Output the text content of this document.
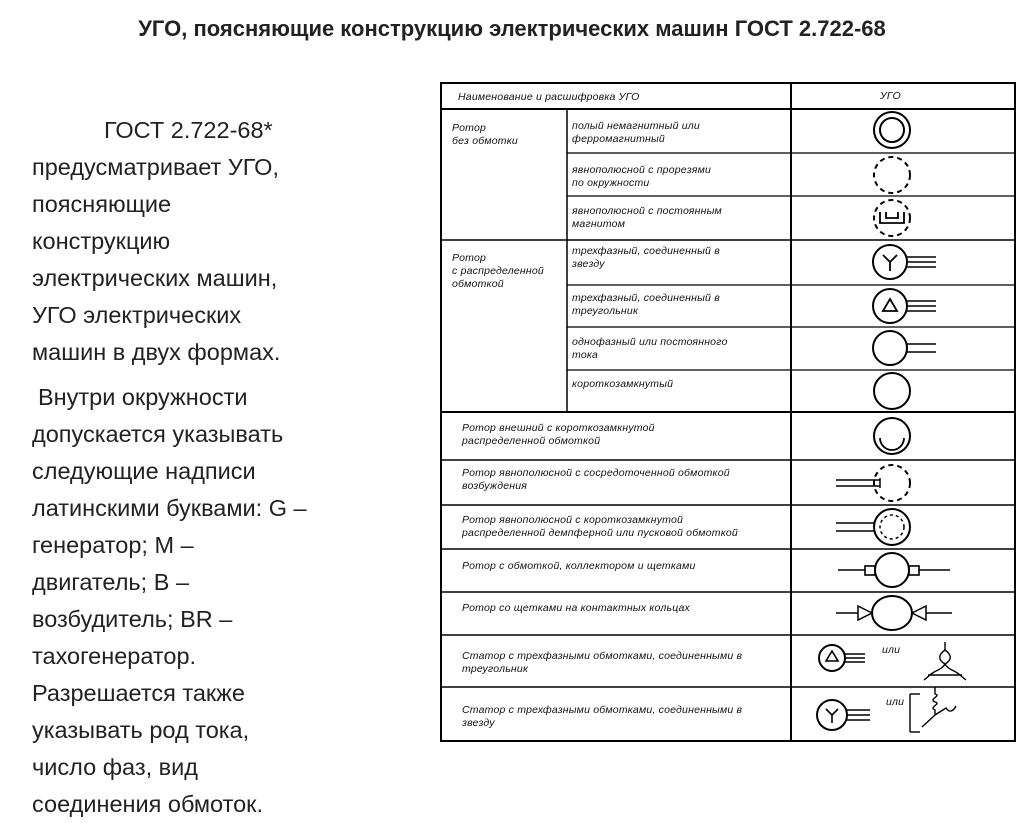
УГО, поясняющие конструкцию электрических машин ГОСТ 2.722-68

ГОСТ 2.722-68*
предусматривает УГО,
поясняющие
конструкцию
электрических машин,
УГО электрических
машин в двух формах.

Внутри окружности
допускается указывать
следующие надписи
латинскими буквами: G –
генератор; M –
двигатель; B –
возбудитель; BR –
тахогенератор.
Разрешается также
указывать род тока,
число фаз, вид
соединения обмоток.

Наименование и расшифровка УГО	УГО
Ротор
без обмотки
Ротор
с распределенной
обмоткой
полый немагнитный или
ферромагнитный
явнополюсной с прорезями
по окружности
явнополюсной с постоянным
магнитом
трехфазный, соединенный в
звезду
трехфазный, соединенный в
треугольник
однофазный или постоянного
тока
короткозамкнутый
Ротор внешний с короткозамкнутой
распределенной обмоткой
Ротор явнополюсной с сосредоточенной обмоткой
возбуждения
Ротор явнополюсной с короткозамкнутой
распределенной демпферной или пусковой обмоткой
Ротор с обмоткой, коллектором и щетками
Ротор со щетками на контактных кольцах
Статор с трехфазными обмотками, соединенными в
треугольник
Статор с трехфазными обмотками, соединенными в
звезду
или
или
